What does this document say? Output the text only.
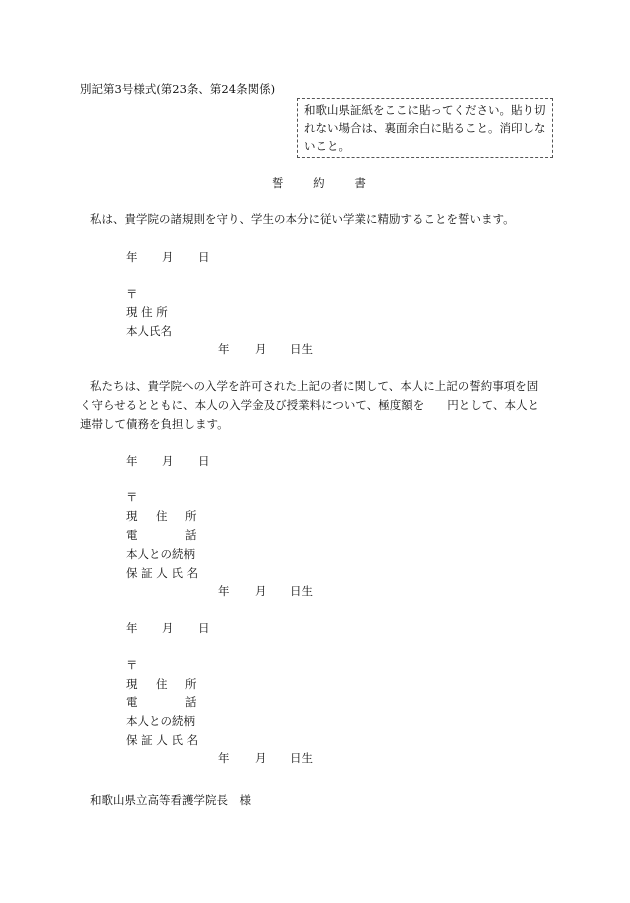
別記第3号様式(第23条、第24条関係)
和歌山県証紙をここに貼ってください。貼り切
れない場合は、裏面余白に貼ること。消印しな
いこと。
誓	約	書
私は、貴学院の諸規則を守り、学生の本分に従い学業に精励することを誓います。
年 月 日
〒
現 住 所
本人氏名
年 月 日生
私たちは、貴学院への入学を許可された上記の者に関して、本人に上記の誓約事項を固
く守らせるとともに、本人の入学金及び授業料について、極度額を　　円として、本人と
連帯して債務を負担します。
年 月 日
〒
現 住 所
電	話
本人との続柄
保 証 人 氏 名
年 月 日生
年 月 日
〒
現 住 所
電	話
本人との続柄
保 証 人 氏 名
年 月 日生
和歌山県立高等看護学院長　様
